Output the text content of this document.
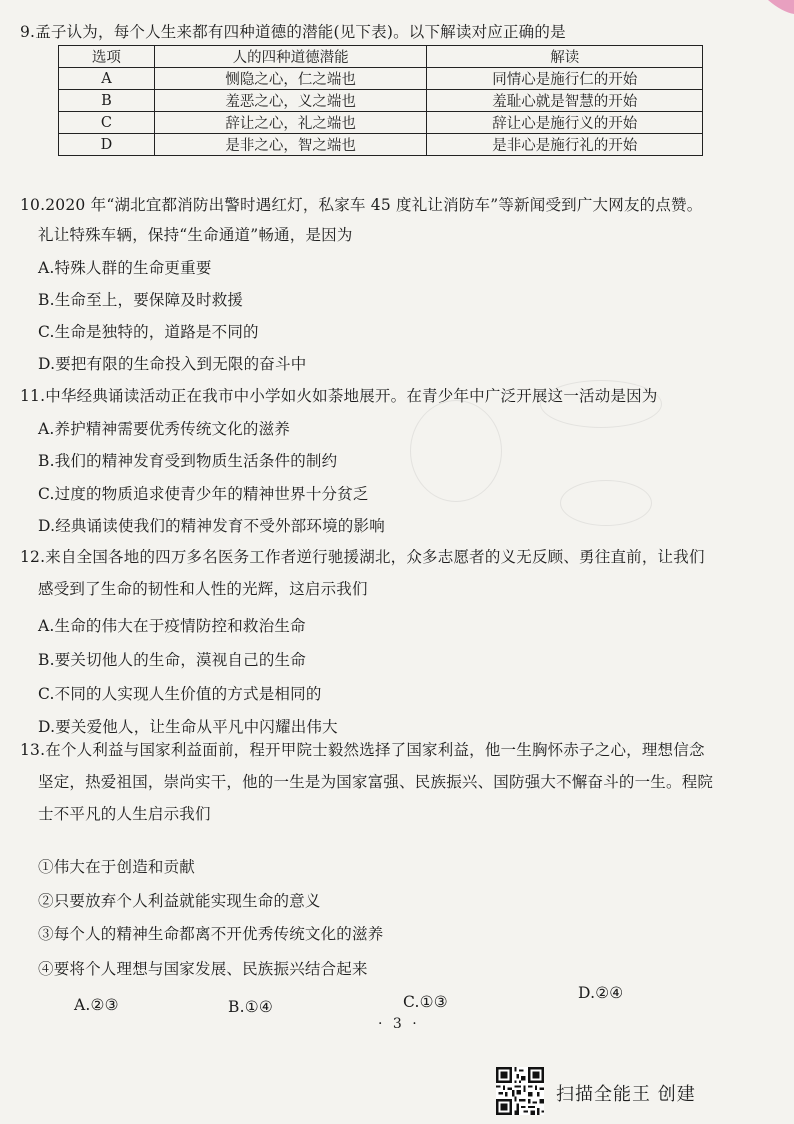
9.孟子认为，每个人生来都有四种道德的潜能(见下表)。以下解读对应正确的是
选项	人的四种道德潜能	解读
A	恻隐之心，仁之端也	同情心是施行仁的开始
B	羞恶之心，义之端也	羞耻心就是智慧的开始
C	辞让之心，礼之端也	辞让心是施行义的开始
D	是非之心，智之端也	是非心是施行礼的开始
10.2020 年“湖北宜都消防出警时遇红灯，私家车 45 度礼让消防车”等新闻受到广大网友的点赞。
礼让特殊车辆，保持“生命通道”畅通，是因为
A.特殊人群的生命更重要
B.生命至上，要保障及时救援
C.生命是独特的，道路是不同的
D.要把有限的生命投入到无限的奋斗中
11.中华经典诵读活动正在我市中小学如火如荼地展开。在青少年中广泛开展这一活动是因为
A.养护精神需要优秀传统文化的滋养
B.我们的精神发育受到物质生活条件的制约
C.过度的物质追求使青少年的精神世界十分贫乏
D.经典诵读使我们的精神发育不受外部环境的影响
12.来自全国各地的四万多名医务工作者逆行驰援湖北，众多志愿者的义无反顾、勇往直前，让我们
感受到了生命的韧性和人性的光辉，这启示我们
A.生命的伟大在于疫情防控和救治生命
B.要关切他人的生命，漠视自己的生命
C.不同的人实现人生价值的方式是相同的
D.要关爱他人，让生命从平凡中闪耀出伟大
13.在个人利益与国家利益面前，程开甲院士毅然选择了国家利益，他一生胸怀赤子之心，理想信念
坚定，热爱祖国，崇尚实干，他的一生是为国家富强、民族振兴、国防强大不懈奋斗的一生。程院
士不平凡的人生启示我们
①伟大在于创造和贡献
②只要放弃个人利益就能实现生命的意义
③每个人的精神生命都离不开优秀传统文化的滋养
④要将个人理想与国家发展、民族振兴结合起来
A.②③	B.①④	C.①③	D.②④
· 3 ·
扫描全能王 创建
